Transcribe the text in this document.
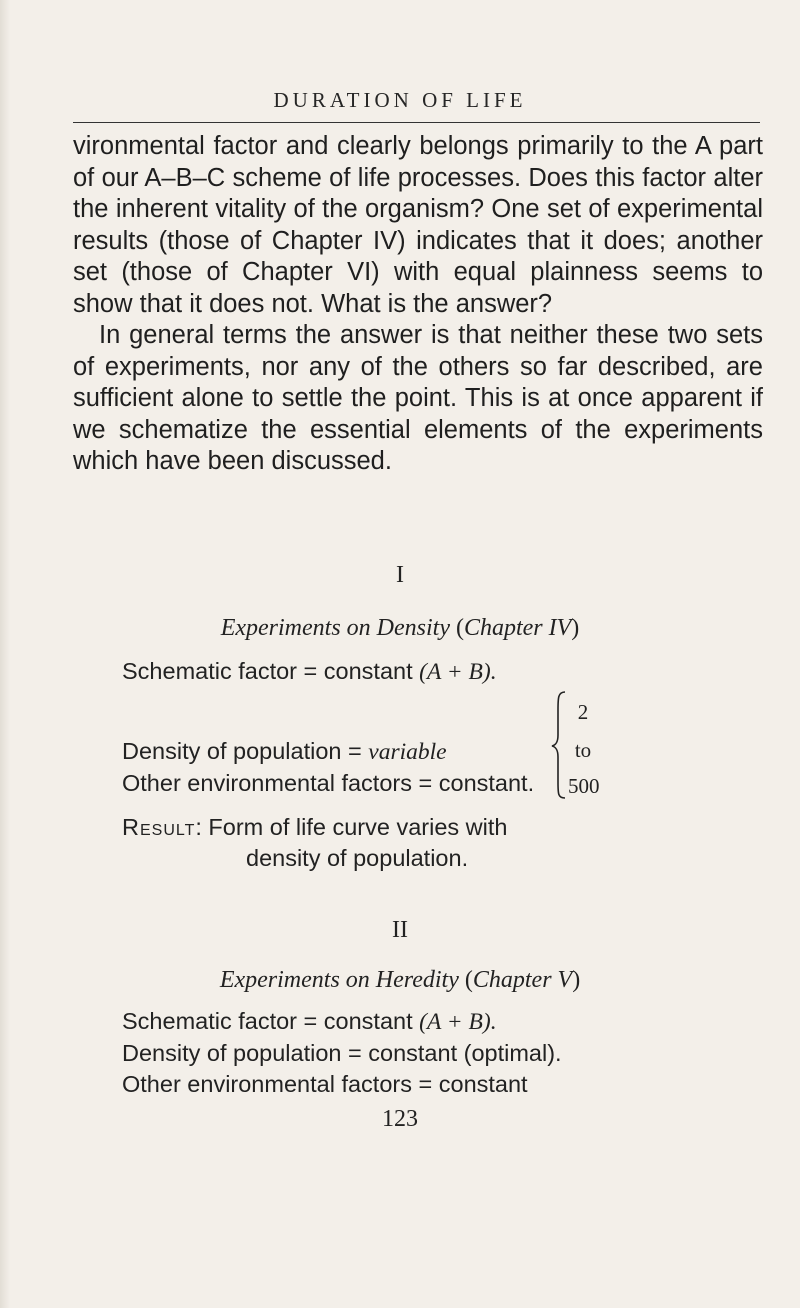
DURATION OF LIFE

vironmental factor and clearly belongs primarily to the A part of our A–B–C scheme of life processes. Does this factor alter the inherent vitality of the organism? One set of experimental results (those of Chapter IV) indicates that it does; another set (those of Chapter VI) with equal plainness seems to show that it does not. What is the answer?

In general terms the answer is that neither these two sets of experiments, nor any of the others so far described, are sufficient alone to settle the point. This is at once apparent if we schematize the essential elements of the experiments which have been discussed.

I
Experiments on Density (Chapter IV)
Schematic factor = constant (A + B).
Density of population = variable
2
to
500
Other environmental factors = constant.
Result: Form of life curve varies with
density of population.
II
Experiments on Heredity (Chapter V)
Schematic factor = constant (A + B).
Density of population = constant (optimal).
Other environmental factors = constant
123
